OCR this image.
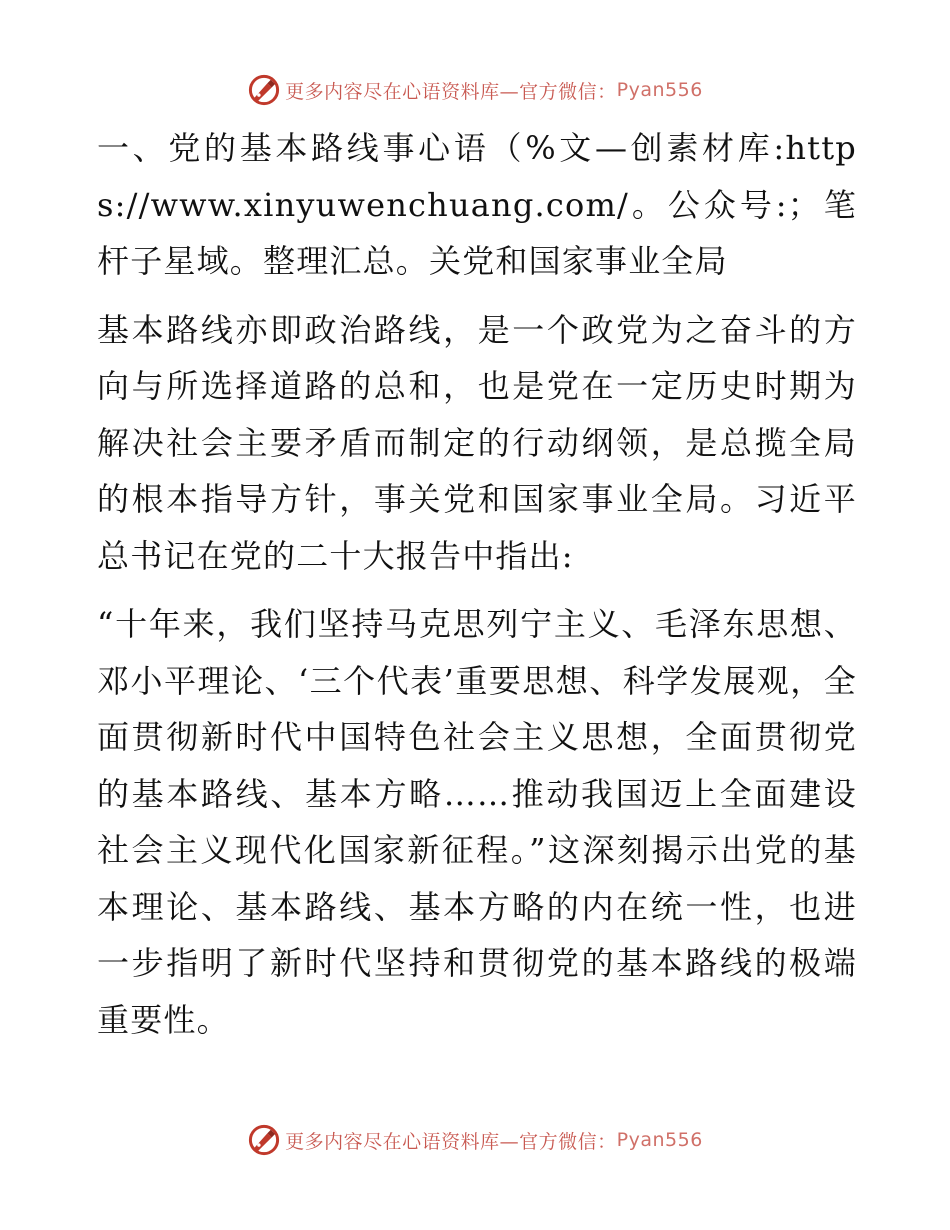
更多内容尽在心语资料库—官方微信： Pyan556

一、党的基本路线事心语（%文—创素材库:https://www.xinyuwenchuang.com/。公众号:；笔杆子星域。整理汇总。关党和国家事业全局

基本路线亦即政治路线，是一个政党为之奋斗的方向与所选择道路的总和，也是党在一定历史时期为解决社会主要矛盾而制定的行动纲领，是总揽全局的根本指导方针，事关党和国家事业全局。习近平总书记在党的二十大报告中指出:

“十年来，我们坚持马克思列宁主义、毛泽东思想、邓小平理论、‘三个代表’重要思想、科学发展观，全面贯彻新时代中国特色社会主义思想，全面贯彻党的基本路线、基本方略……推动我国迈上全面建设社会主义现代化国家新征程。”这深刻揭示出党的基本理论、基本路线、基本方略的内在统一性，也进一步指明了新时代坚持和贯彻党的基本路线的极端重要性。

更多内容尽在心语资料库—官方微信： Pyan556
